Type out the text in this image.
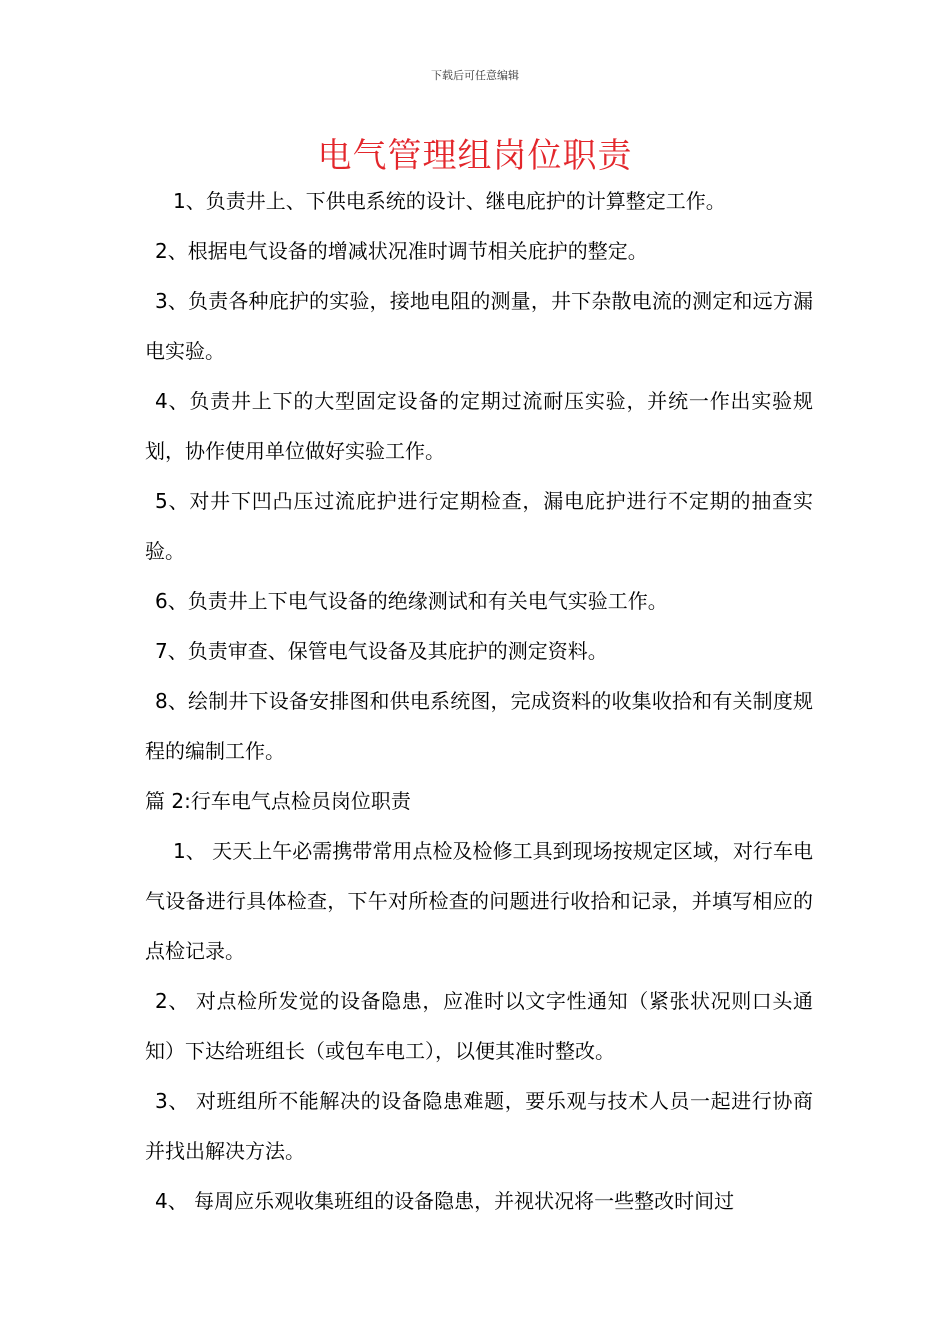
下载后可任意编辑
电气管理组岗位职责

1、负责井上、下供电系统的设计、继电庇护的计算整定工作。

2、根据电气设备的增减状况准时调节相关庇护的整定。

3、负责各种庇护的实验，接地电阻的测量，井下杂散电流的测定和远方漏电实验。

4、负责井上下的大型固定设备的定期过流耐压实验，并统一作出实验规划，协作使用单位做好实验工作。

5、对井下凹凸压过流庇护进行定期检查，漏电庇护进行不定期的抽查实验。

6、负责井上下电气设备的绝缘测试和有关电气实验工作。

7、负责审查、保管电气设备及其庇护的测定资料。

8、绘制井下设备安排图和供电系统图，完成资料的收集收拾和有关制度规程的编制工作。

篇 2:行车电气点检员岗位职责

1、 天天上午必需携带常用点检及检修工具到现场按规定区域，对行车电气设备进行具体检查，下午对所检查的问题进行收拾和记录，并填写相应的点检记录。

2、 对点检所发觉的设备隐患，应准时以文字性通知（紧张状况则口头通知）下达给班组长（或包车电工），以便其准时整改。

3、 对班组所不能解决的设备隐患难题，要乐观与技术人员一起进行协商并找出解决方法。

4、 每周应乐观收集班组的设备隐患，并视状况将一些整改时间过
